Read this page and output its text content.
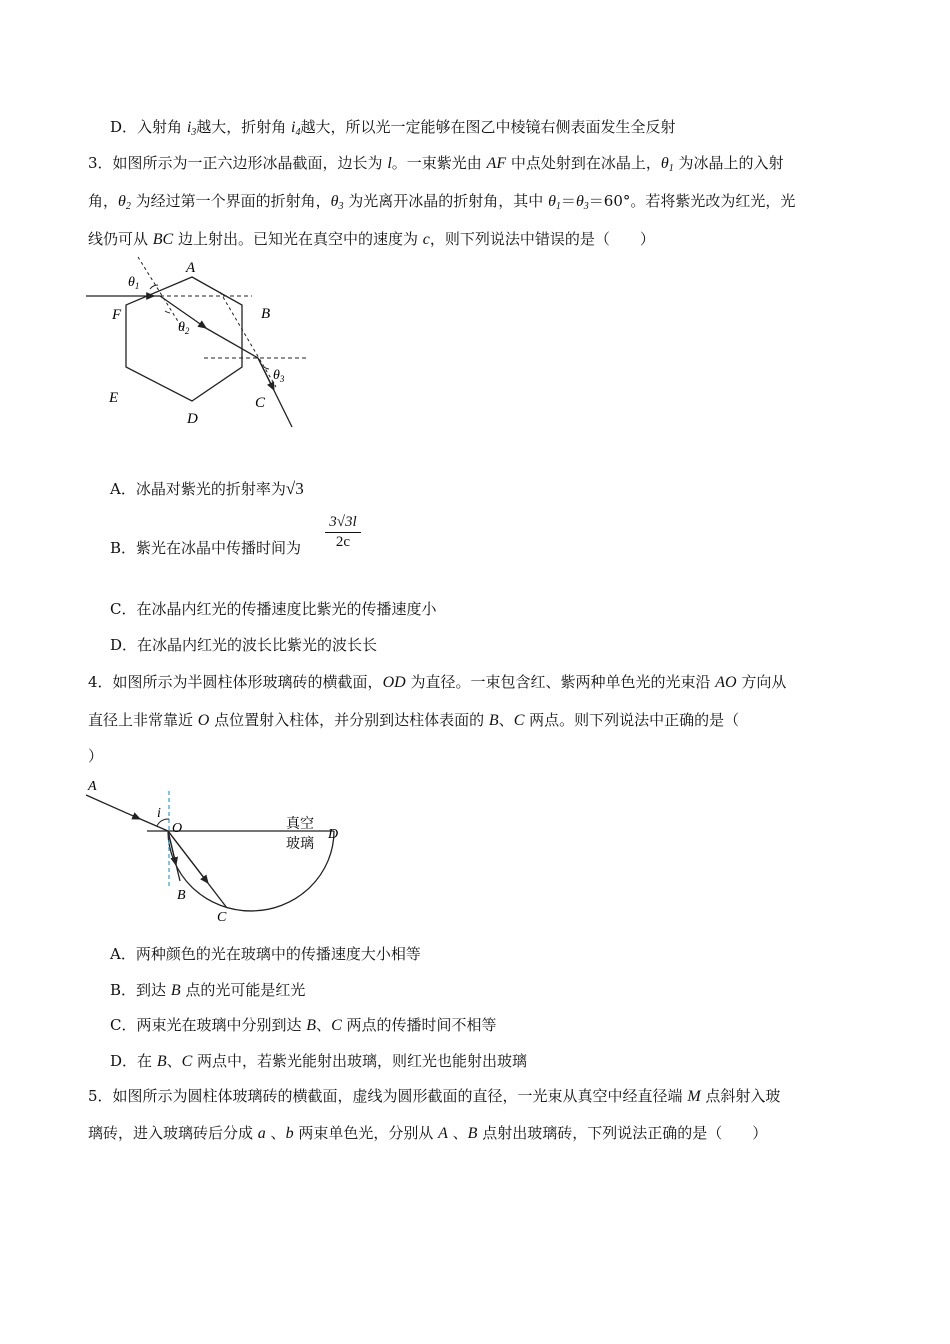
D．入射角 $i_3$越大，折射角 $i_4$越大，所以光一定能够在图乙中棱镜右侧表面发生全反射
3．如图所示为一正六边形冰晶截面，边长为 l。一束紫光由 AF 中点处射到在冰晶上，$\theta_1$ 为冰晶上的入射
角，$\theta_2$ 为经过第一个界面的折射角，$\theta_3$ 为光离开冰晶的折射角，其中 $\theta_1=\theta_3=60^\circ$。若将紫光改为红光，光
线仍可从 BC 边上射出。已知光在真空中的速度为 c，则下列说法中错误的是（　　）
A
B
C
D
E
F
$\theta_1$
$\theta_2$
$\theta_3$
A．冰晶对紫光的折射率为√3
B．紫光在冰晶中传播时间为 $\frac{3√3l}{2c}$
C．在冰晶内红光的传播速度比紫光的传播速度小
D．在冰晶内红光的波长比紫光的波长长
4．如图所示为半圆柱体形玻璃砖的横截面，OD 为直径。一束包含红、紫两种单色光的光束沿 AO 方向从
直径上非常靠近 O 点位置射入柱体，并分别到达柱体表面的 B、C 两点。则下列说法中正确的是（
）
A
i
O
B
C
D
真空
玻璃
A．两种颜色的光在玻璃中的传播速度大小相等
B．到达 B 点的光可能是红光
C．两束光在玻璃中分别到达 B、C 两点的传播时间不相等
D．在 B、C 两点中，若紫光能射出玻璃，则红光也能射出玻璃
5．如图所示为圆柱体玻璃砖的横截面，虚线为圆形截面的直径，一光束从真空中经直径端 M 点斜射入玻
璃砖，进入玻璃砖后分成 a 、b 两束单色光，分别从 A 、B 点射出玻璃砖，下列说法正确的是（　　）
